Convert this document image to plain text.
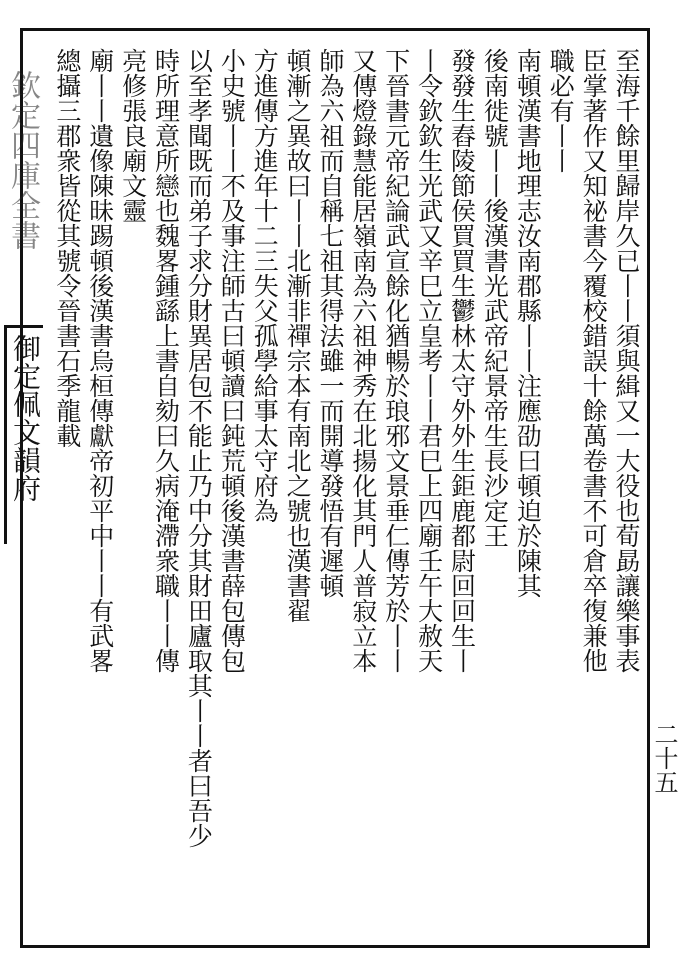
欽定四庫全書
御定佩文韻府
二十五
至海千餘里歸岸久已丨丨須與緝又一大役也荀勗讓樂事表
臣掌著作又知祕書今覆校錯誤十餘萬卷書不可倉卒復兼他
職必有丨丨
南頓漢書地理志汝南郡縣丨丨注應劭曰頓迫於陳其
後南徙號丨丨後漢書光武帝紀景帝生長沙定王
發發生舂陵節侯買買生鬱林太守外外生鉅鹿都尉回回生丨
丨令欽欽生光武又辛巳立皇考丨丨君巳上四廟壬午大赦天
下晉書元帝紀論武宣餘化猶暢於琅邪文景垂仁傳芳於丨丨
又傳燈錄慧能居嶺南為六祖神秀在北揚化其門人普寂立本
師為六祖而自稱七祖其得法雖一而開導發悟有遲頓
頓漸之異故曰丨丨北漸非禪宗本有南北之號也漢書翟
方進傳方進年十二三失父孤學給事太守府為
小史號丨丨不及事注師古曰頓讀曰鈍荒頓後漢書薛包傳包
以至孝聞既而弟子求分財異居包不能止乃中分其財田廬取其丨丨者曰吾少
時所理意所戀也魏畧鍾繇上書自劾曰久病淹滯衆職丨丨傳
亮修張良廟文靈
廟丨丨遺像陳昧踢頓後漢書烏桓傳獻帝初平中丨丨有武畧
總攝三郡衆皆從其號令晉書石季龍載
